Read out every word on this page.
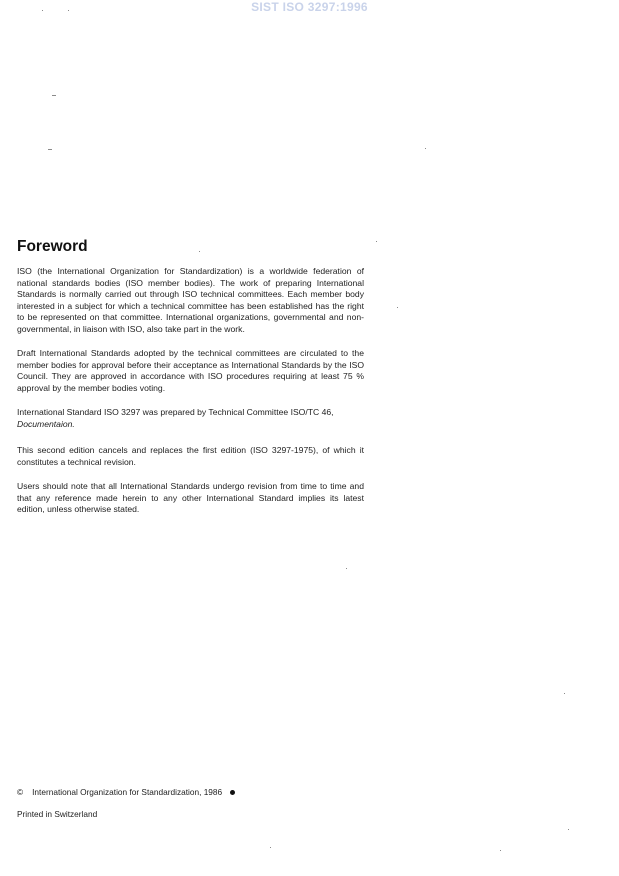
SIST ISO 3297:1996
Foreword
ISO (the International Organization for Standardization) is a worldwide federation of national standards bodies (ISO member bodies). The work of preparing International Standards is normally carried out through ISO technical committees. Each member body interested in a subject for which a technical committee has been established has the right to be represented on that committee. International organizations, governmental and non-governmental, in liaison with ISO, also take part in the work.
Draft International Standards adopted by the technical committees are circulated to the member bodies for approval before their acceptance as International Standards by the ISO Council. They are approved in accordance with ISO procedures requiring at least 75 % approval by the member bodies voting.
International Standard ISO 3297 was prepared by Technical Committee ISO/TC 46,
Documentaion.
This second edition cancels and replaces the first edition (ISO 3297-1975), of which it constitutes a technical revision.
Users should note that all International Standards undergo revision from time to time and that any reference made herein to any other International Standard implies its latest edition, unless otherwise stated.
© International Organization for Standardization, 1986
Printed in Switzerland
